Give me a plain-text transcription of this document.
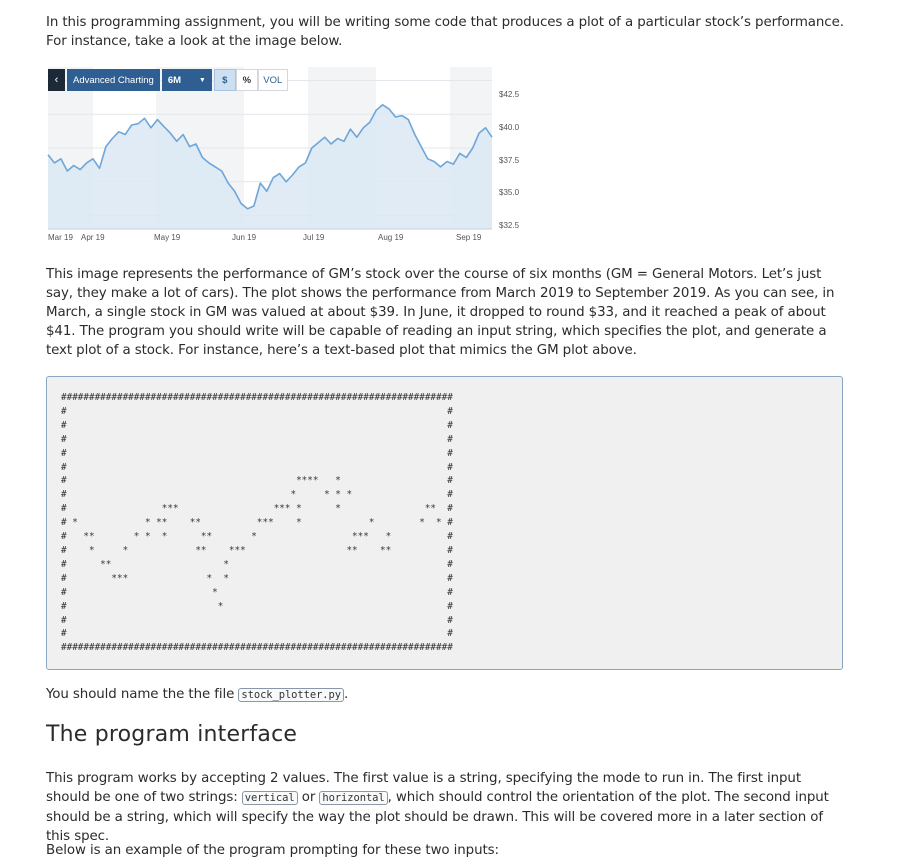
In this programming assignment, you will be writing some code that produces a plot of a particular stock’s performance. For instance, take a look at the image below.

‹	Advanced Charting	6M	▼	$	%	VOL
$42.5
$40.0
$37.5
$35.0
$32.5
Mar 19 Apr 19	May 19	Jun 19	Jul 19	Aug 19	Sep 19

This image represents the performance of GM’s stock over the course of six months (GM = General Motors. Let’s just say, they make a lot of cars). The plot shows the performance from March 2019 to September 2019. As you can see, in March, a single stock in GM was valued at about $39. In June, it dropped to round $33, and it reached a peak of about $41. The program you should write will be capable of reading an input string, which specifies the plot, and generate a text plot of a stock. For instance, here’s a text-based plot that mimics the GM plot above.

######################################################################
#                                                                    #
#                                                                    #
#                                                                    #
#                                                                    #
#                                                                    #
#                                         ****   *                   #
#                                        *     * * *                 #
#                 ***                 *** *      *               **  #
# *            * **    **          ***    *            *        *  * #
#   **       * *  *      **       *                 ***   *          #
#    *     *            **    ***                  **    **          #
#      **                    *                                       #
#        ***              *  *                                       #
#                          *                                         #
#                           *                                        #
#                                                                    #
#                                                                    #
######################################################################

You should name the the file stock_plotter.py .

The program interface

This program works by accepting 2 values. The first value is a string, specifying the mode to run in. The first input should be one of two strings: vertical or horizontal , which should control the orientation of the plot. The second input should be a string, which will specify the way the plot should be drawn. This will be covered more in a later section of this spec.

Below is an example of the program prompting for these two inputs:
